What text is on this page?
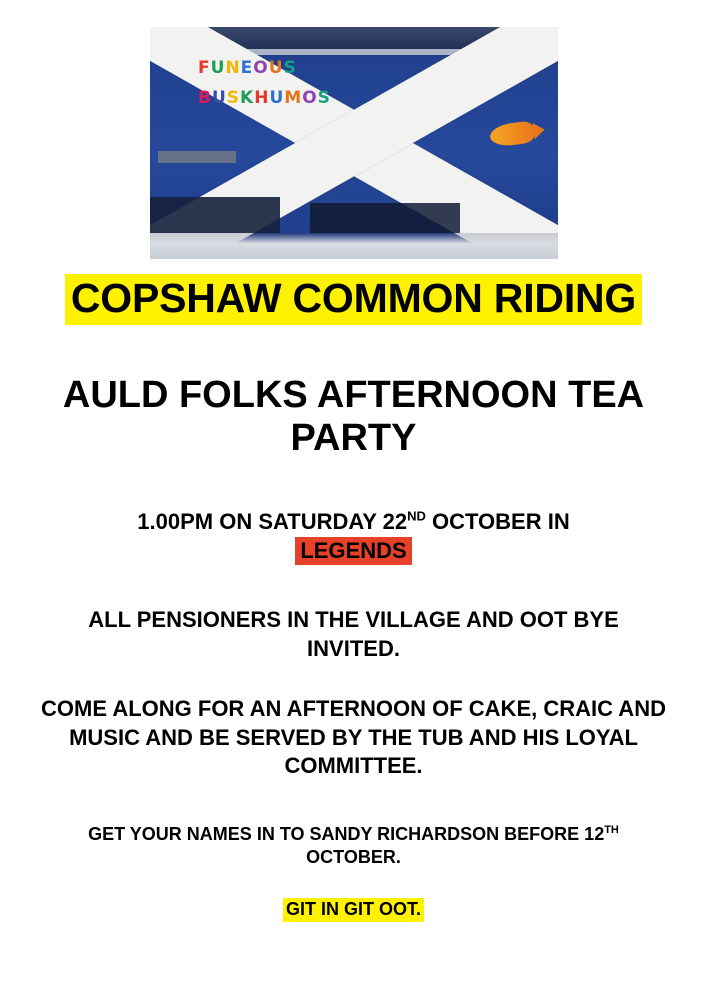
FUNEOUS
BUSKHUMOS
COPSHAW COMMON RIDING
AULD FOLKS AFTERNOON TEA PARTY
1.00PM ON SATURDAY 22ND OCTOBER IN
LEGENDS
ALL PENSIONERS IN THE VILLAGE AND OOT BYE INVITED.
COME ALONG FOR AN AFTERNOON OF CAKE, CRAIC AND MUSIC AND BE SERVED BY THE TUB AND HIS LOYAL COMMITTEE.
GET YOUR NAMES IN TO SANDY RICHARDSON BEFORE 12TH OCTOBER.
GIT IN GIT OOT.
